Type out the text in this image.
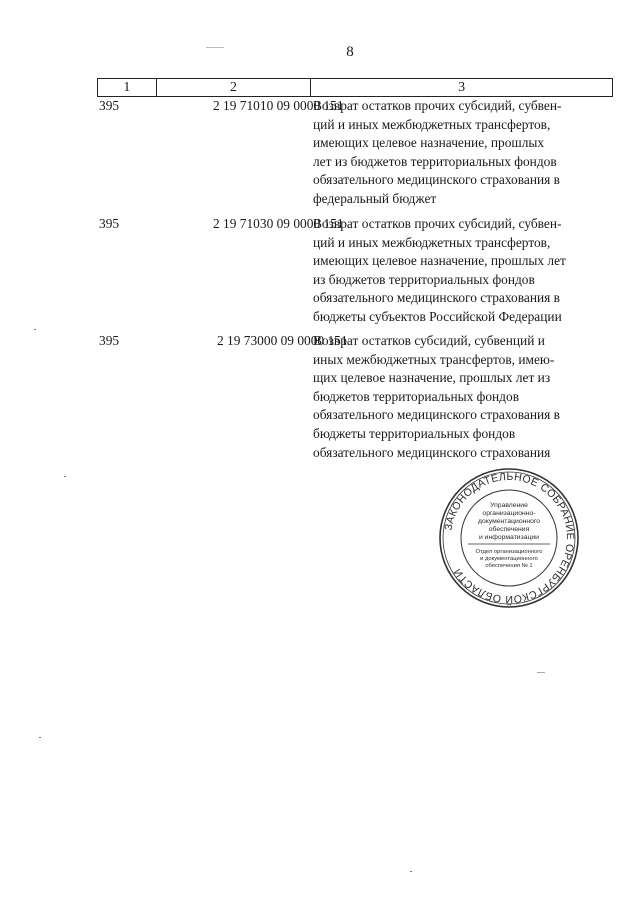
8
1	2	3
395	2 19 71010 09 0000 151
Возврат остатков прочих субсидий, субвен-
ций и иных межбюджетных трансфертов,
имеющих целевое назначение, прошлых
лет из бюджетов территориальных фондов
обязательного медицинского страхования в
федеральный бюджет
395	2 19 71030 09 0000 151
Возврат остатков прочих субсидий, субвен-
ций и иных межбюджетных трансфертов,
имеющих целевое назначение, прошлых лет
из бюджетов территориальных фондов
обязательного медицинского страхования в
бюджеты субъектов Российской Федерации
395	2 19 73000 09 0000 151
Возврат остатков субсидий, субвенций и
иных межбюджетных трансфертов, имею-
щих целевое назначение, прошлых лет из
бюджетов территориальных фондов
обязательного медицинского страхования в
бюджеты территориальных фондов
обязательного медицинского страхования
ЗАКОНОДАТЕЛЬНОЕ СОБРАНИЕ ОРЕНБУРГСКОЙ ОБЛАСТИ
Управление
организационно-
документационного
обеспечения
и информатизации
Отдел организационного
и документационного
обеспечения № 1
